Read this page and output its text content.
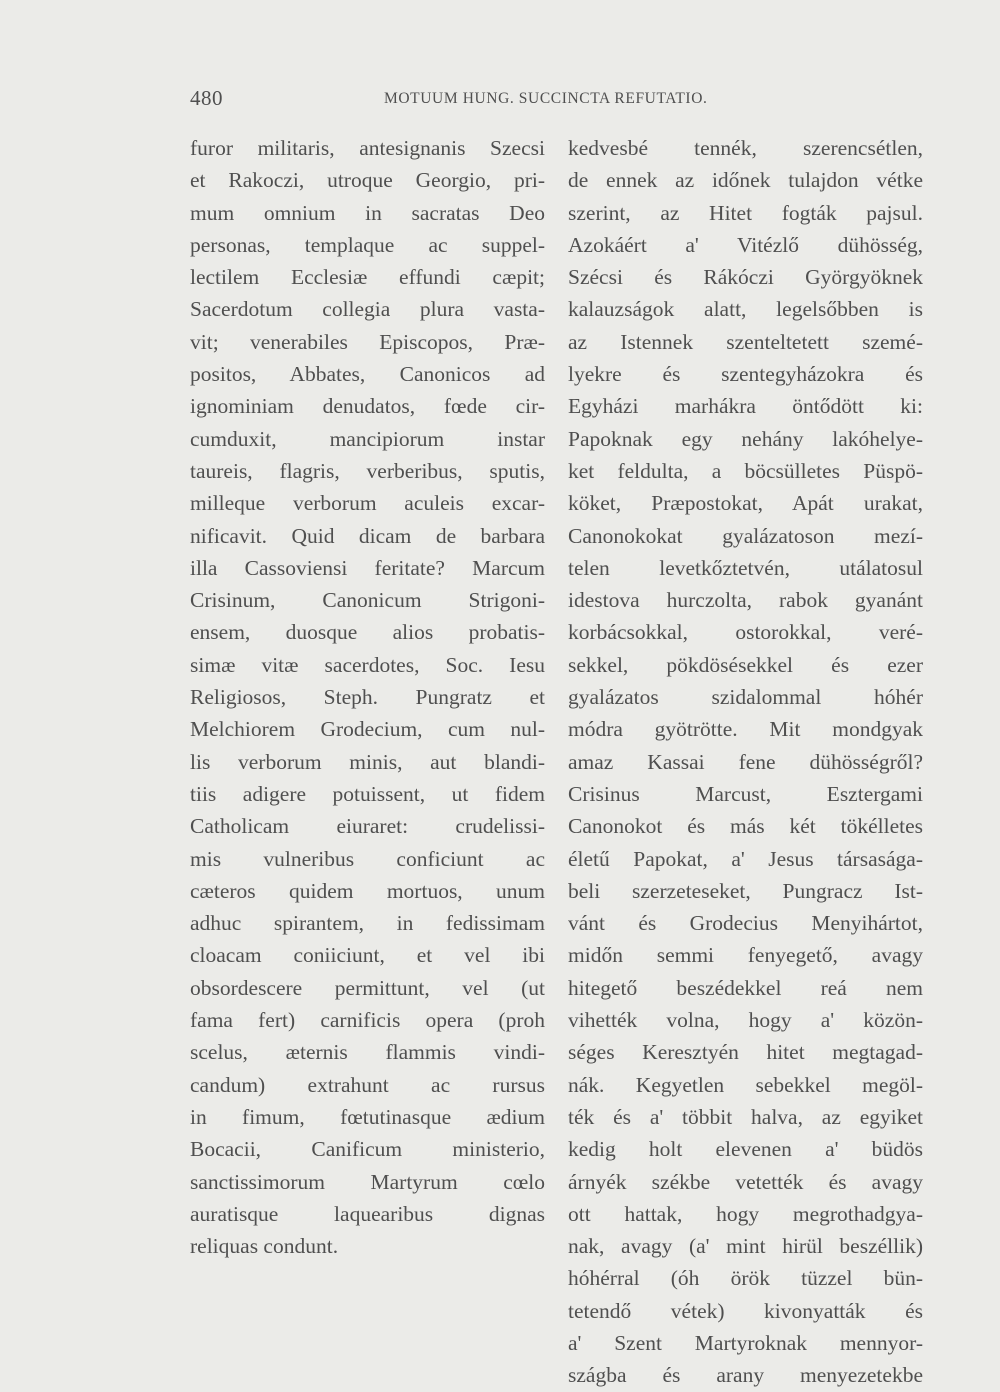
480	MOTUUM HUNG. SUCCINCTA REFUTATIO.
furor militaris, antesignanis Szecsi
et Rakoczi, utroque Georgio, pri-
mum omnium in sacratas Deo
personas, templaque ac suppel-
lectilem Ecclesiæ effundi cæpit;
Sacerdotum collegia plura vasta-
vit; venerabiles Episcopos, Præ-
positos, Abbates, Canonicos ad
ignominiam denudatos, fœde cir-
cumduxit, mancipiorum instar
taureis, flagris, verberibus, sputis,
milleque verborum aculeis excar-
nificavit. Quid dicam de barbara
illa Cassoviensi feritate? Marcum
Crisinum, Canonicum Strigoni-
ensem, duosque alios probatis-
simæ vitæ sacerdotes, Soc. Iesu
Religiosos, Steph. Pungratz et
Melchiorem Grodecium, cum nul-
lis verborum minis, aut blandi-
tiis adigere potuissent, ut fidem
Catholicam eiuraret: crudelissi-
mis vulneribus conficiunt ac
cæteros quidem mortuos, unum
adhuc spirantem, in fedissimam
cloacam coniiciunt, et vel ibi
obsordescere permittunt, vel (ut
fama fert) carnificis opera (proh
scelus, æternis flammis vindi-
candum) extrahunt ac rursus
in fimum, fœtutinasque ædium
Bocacii, Canificum ministerio,
sanctissimorum Martyrum cœlo
auratisque laquearibus dignas
reliquas condunt.
kedvesbé tennék, szerencsétlen,
de ennek az időnek tulajdon vétke
szerint, az Hitet fogták pajsul.
Azokáért a' Vitézlő dühösség,
Szécsi és Rákóczi Györgyöknek
kalauzságok alatt, legelsőbben is
az Istennek szenteltetett szemé-
lyekre és szentegyházokra és
Egyházi marhákra öntődött ki:
Papoknak egy nehány lakóhelye-
ket feldulta, a böcsülletes Püspö-
köket, Præpostokat, Apát urakat,
Canonokokat gyalázatoson mezí-
telen levetkőztetvén, utálatosul
idestova hurczolta, rabok gyanánt
korbácsokkal, ostorokkal, veré-
sekkel, pökdösésekkel és ezer
gyalázatos szidalommal hóhér
módra gyötrötte. Mit mondgyak
amaz Kassai fene dühösségről?
Crisinus Marcust, Esztergami
Canonokot és más két tökélletes
életű Papokat, a' Jesus társasága-
beli szerzeteseket, Pungracz Ist-
vánt és Grodecius Menyihártot,
midőn semmi fenyegető, avagy
hitegető beszédekkel reá nem
vihették volna, hogy a' közön-
séges Keresztyén hitet megtagad-
nák. Kegyetlen sebekkel megöl-
ték és a' többit halva, az egyiket
kedig holt elevenen a' büdös
árnyék székbe vetették és avagy
ott hattak, hogy megrothadgya-
nak, avagy (a' mint hirül beszéllik)
hóhérral (óh örök tüzzel bün-
tetendő vétek) kivonyatták és
a' Szent Martyroknak mennyor-
szágba és arany menyezetekbe
